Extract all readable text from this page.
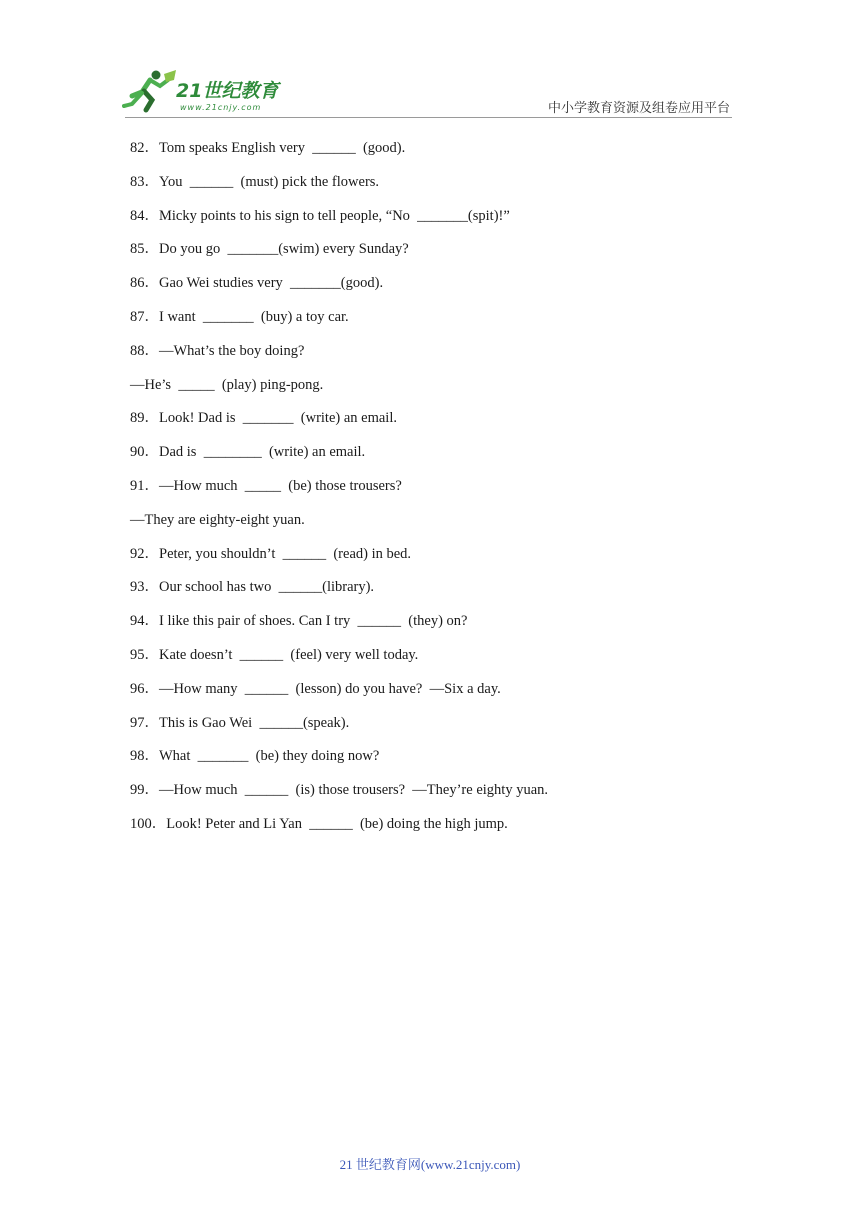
21世纪教育
www.21cnjy.com	中小学教育资源及组卷应用平台
82．Tom speaks English very  ______  (good).
83．You  ______  (must) pick the flowers.
84．Micky points to his sign to tell people, “No  _______(spit)!”
85．Do you go  _______(swim) every Sunday?
86．Gao Wei studies very  _______(good).
87．I want  _______  (buy) a toy car.
88．—What’s the boy doing?
—He’s  _____  (play) ping-pong.
89．Look! Dad is  _______  (write) an email.
90．Dad is  ________  (write) an email.
91．—How much  _____  (be) those trousers?
—They are eighty-eight yuan.
92．Peter, you shouldn’t  ______  (read) in bed.
93．Our school has two  ______(library).
94．I like this pair of shoes. Can I try  ______  (they) on?
95．Kate doesn’t  ______  (feel) very well today.
96．—How many  ______  (lesson) do you have?  —Six a day.
97．This is Gao Wei  ______(speak).
98．What  _______  (be) they doing now?
99．—How much  ______  (is) those trousers?  —They’re eighty yuan.
100．Look! Peter and Li Yan  ______  (be) doing the high jump.
21 世纪教育网(www.21cnjy.com)
